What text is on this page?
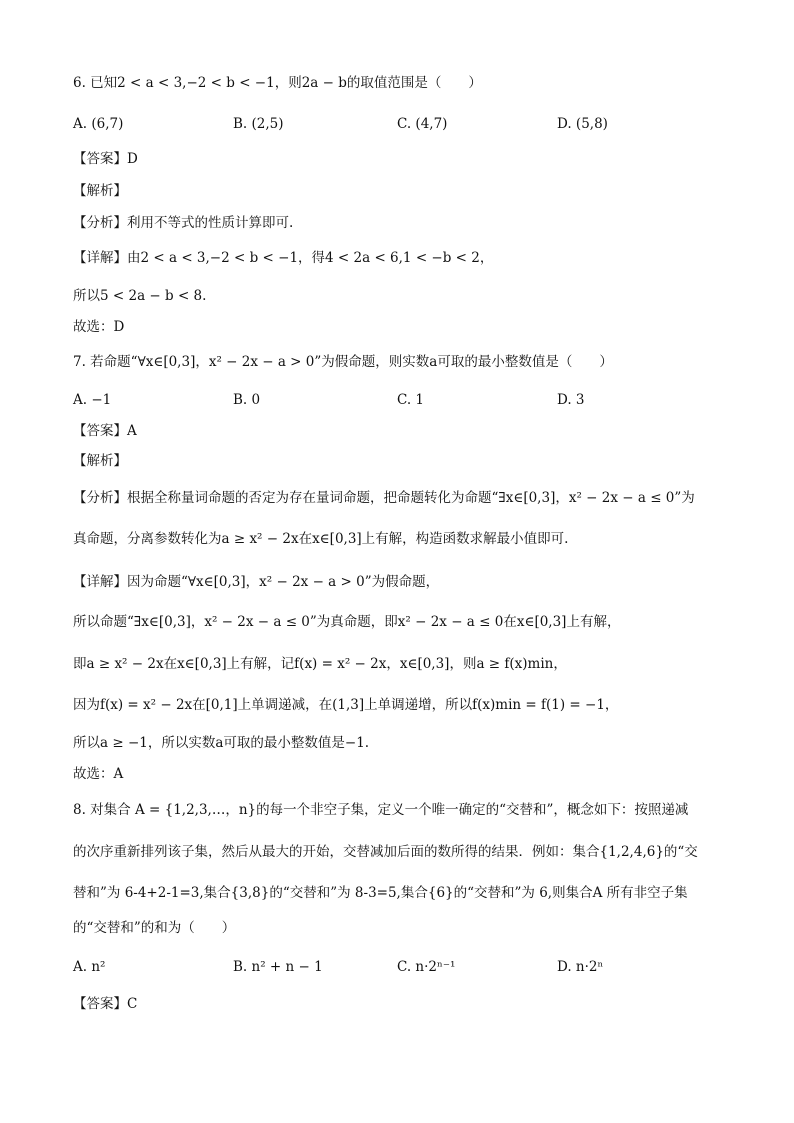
6. 已知2 < a < 3,−2 < b < −1，则2a − b的取值范围是（　　）
A. (6,7)	B. (2,5)	C. (4,7)	D. (5,8)
【答案】D
【解析】
【分析】利用不等式的性质计算即可.
【详解】由2 < a < 3,−2 < b < −1，得4 < 2a < 6,1 < −b < 2，
所以5 < 2a − b < 8.
故选：D
7. 若命题“∀x∈[0,3]，x² − 2x − a > 0”为假命题，则实数a可取的最小整数值是（　　）
A. −1	B. 0	C. 1	D. 3
【答案】A
【解析】
【分析】根据全称量词命题的否定为存在量词命题，把命题转化为命题“∃x∈[0,3]，x² − 2x − a ≤ 0”为
真命题，分离参数转化为a ≥ x² − 2x在x∈[0,3]上有解，构造函数求解最小值即可.
【详解】因为命题“∀x∈[0,3]，x² − 2x − a > 0”为假命题，
所以命题“∃x∈[0,3]，x² − 2x − a ≤ 0”为真命题，即x² − 2x − a ≤ 0在x∈[0,3]上有解，
即a ≥ x² − 2x在x∈[0,3]上有解，记f(x) = x² − 2x，x∈[0,3]，则a ≥ f(x)min，
因为f(x) = x² − 2x在[0,1]上单调递减，在(1,3]上单调递增，所以f(x)min = f(1) = −1，
所以a ≥ −1，所以实数a可取的最小整数值是−1.
故选：A
8. 对集合 A = {1,2,3,…，n}的每一个非空子集，定义一个唯一确定的“交替和”，概念如下：按照递减
的次序重新排列该子集，然后从最大的开始，交替减加后面的数所得的结果．例如：集合{1,2,4,6}的“交
替和”为 6-4+2-1=3,集合{3,8}的“交替和”为 8-3=5,集合{6}的“交替和”为 6,则集合A 所有非空子集
的“交替和”的和为（　　）
A. n²	B. n² + n − 1	C. n·2ⁿ⁻¹	D. n·2ⁿ
【答案】C
